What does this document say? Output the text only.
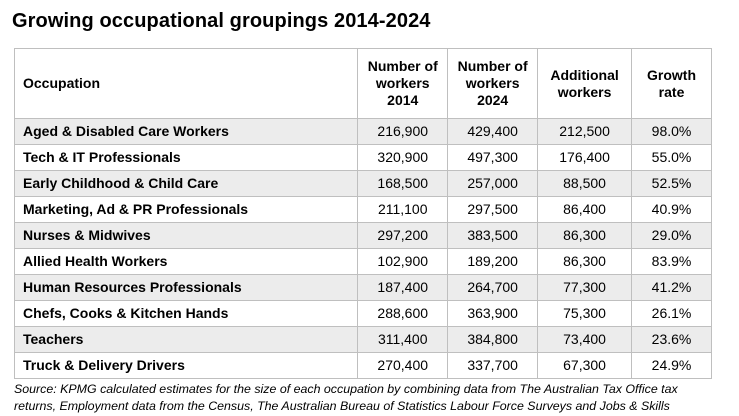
Growing occupational groupings 2014-2024
Occupation	Number of workers 2014	Number of workers 2024	Additional workers	Growth rate
Aged & Disabled Care Workers	216,900	429,400	212,500	98.0%
Tech & IT Professionals	320,900	497,300	176,400	55.0%
Early Childhood & Child Care	168,500	257,000	88,500	52.5%
Marketing, Ad & PR Professionals	211,100	297,500	86,400	40.9%
Nurses & Midwives	297,200	383,500	86,300	29.0%
Allied Health Workers	102,900	189,200	86,300	83.9%
Human Resources Professionals	187,400	264,700	77,300	41.2%
Chefs, Cooks & Kitchen Hands	288,600	363,900	75,300	26.1%
Teachers	311,400	384,800	73,400	23.6%
Truck & Delivery Drivers	270,400	337,700	67,300	24.9%
Source: KPMG calculated estimates for the size of each occupation by combining data from The Australian Tax Office tax
returns, Employment data from the Census, The Australian Bureau of Statistics Labour Force Surveys and Jobs & Skills
